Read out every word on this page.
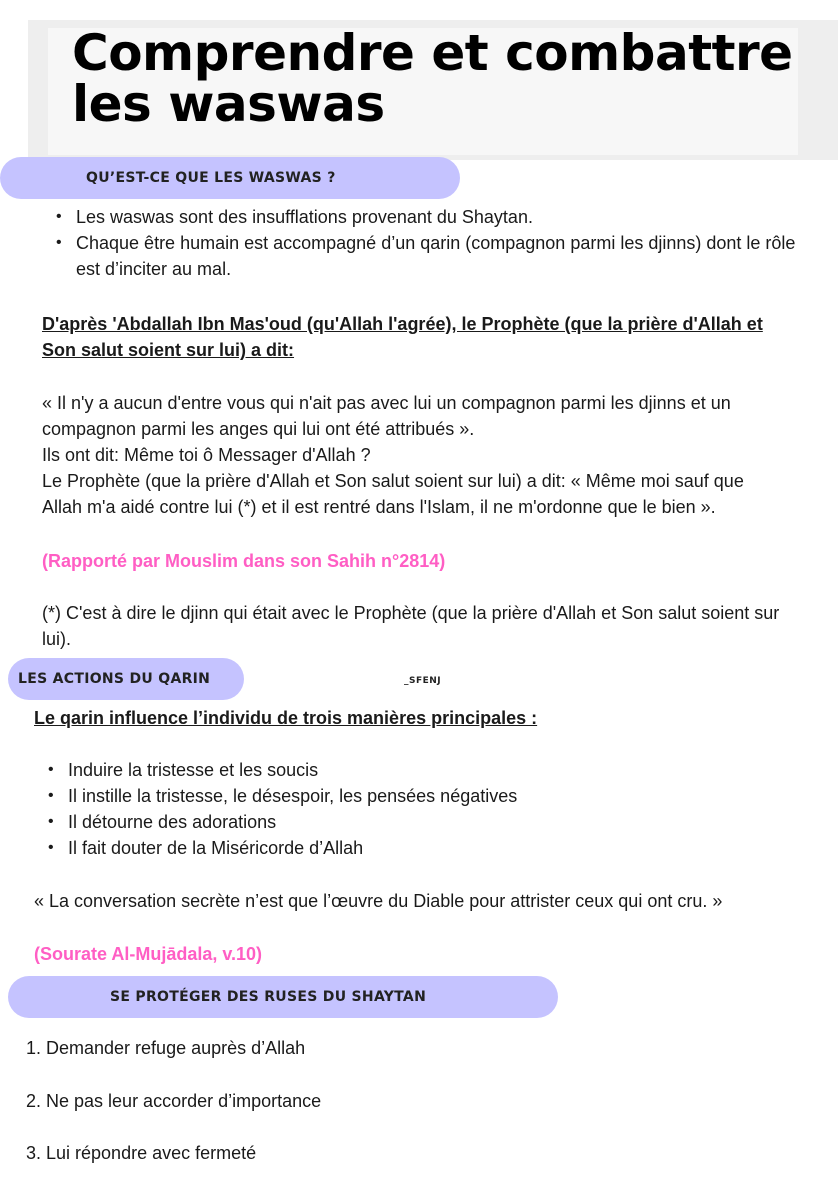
Comprendre et combattre les waswas
QU’EST-CE QUE LES WASWAS ?
• Les waswas sont des insufflations provenant du Shaytan.
• Chaque être humain est accompagné d’un qarin (compagnon parmi les djinns) dont le rôle est d’inciter au mal.

D'après 'Abdallah Ibn Mas'oud (qu'Allah l'agrée), le Prophète (que la prière d'Allah et Son salut soient sur lui) a dit:

« Il n'y a aucun d'entre vous qui n'ait pas avec lui un compagnon parmi les djinns et un compagnon parmi les anges qui lui ont été attribués ».

Ils ont dit: Même toi ô Messager d'Allah ?

Le Prophète (que la prière d'Allah et Son salut soient sur lui) a dit: « Même moi sauf que Allah m'a aidé contre lui (*) et il est rentré dans l'Islam, il ne m'ordonne que le bien ».

(Rapporté par Mouslim dans son Sahih n°2814)

(*) C'est à dire le djinn qui était avec le Prophète (que la prière d'Allah et Son salut soient sur lui).

LES ACTIONS DU QARIN	_SFENJ

Le qarin influence l’individu de trois manières principales :

• Induire la tristesse et les soucis
• Il instille la tristesse, le désespoir, les pensées négatives
• Il détourne des adorations
• Il fait douter de la Miséricorde d’Allah

« La conversation secrète n’est que l’œuvre du Diable pour attrister ceux qui ont cru. »

(Sourate Al-Mujādala, v.10)

SE PROTÉGER DES RUSES DU SHAYTAN

1. Demander refuge auprès d’Allah

2. Ne pas leur accorder d’importance

3. Lui répondre avec fermeté
